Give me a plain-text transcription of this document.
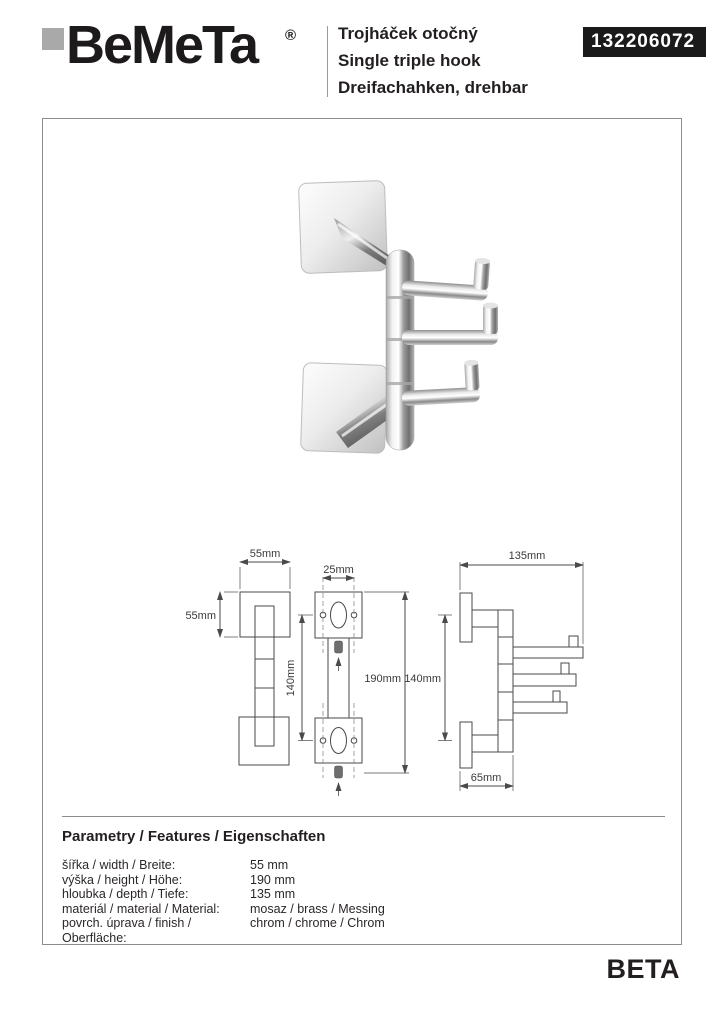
BeMeTa ® Trojháček otočný
Single triple hook
Dreifachahken, drehbar
132206072
55mm
55mm
25mm
140mm	190mm 140mm
135mm
65mm
Parametry / Features / Eigenschaften
šířka / width / Breite:	55 mm
výška / height / Höhe:	190 mm
hloubka / depth / Tiefe:	135 mm
materiál / material / Material:	mosaz / brass / Messing
povrch. úprava / finish / Oberfläche:
chrom / chrome / Chrom
BETA
